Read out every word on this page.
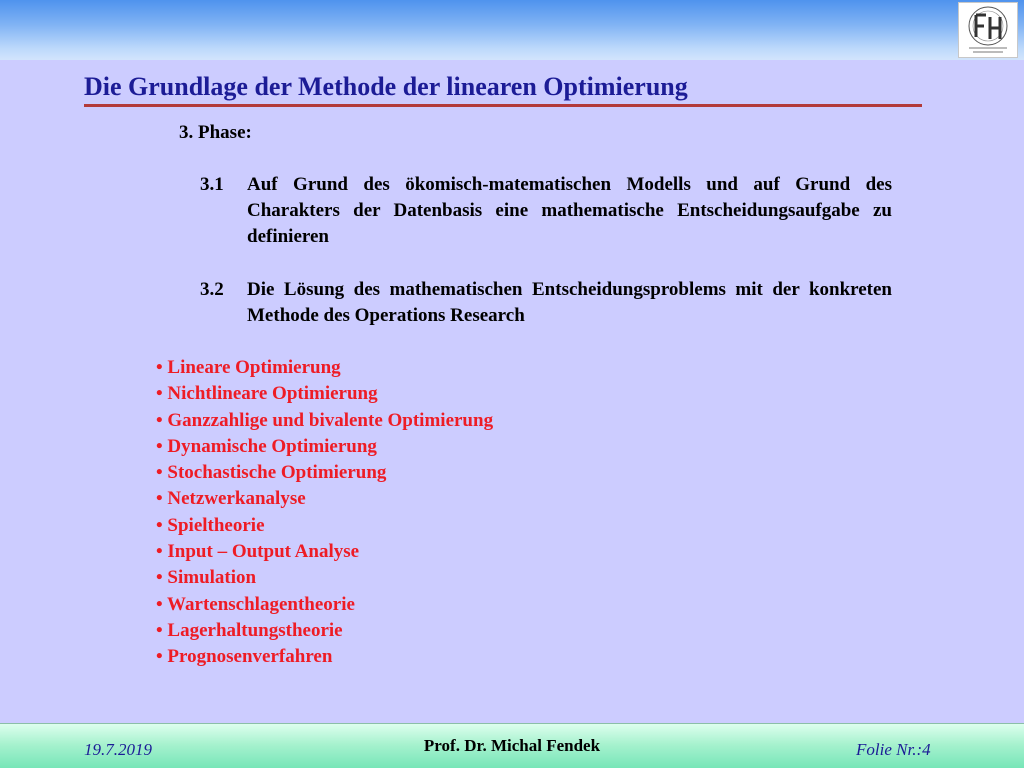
Die Grundlage der Methode der linearen Optimierung
3. Phase:
3.1 Auf Grund des ökomisch-matematischen Modells und auf Grund des Charakters der Datenbasis eine mathematische Entscheidungsaufgabe zu definieren
3.2 Die Lösung des mathematischen Entscheidungsproblems mit der konkreten Methode des Operations Research
• Lineare Optimierung
• Nichtlineare Optimierung
• Ganzzahlige und bivalente Optimierung
• Dynamische Optimierung
• Stochastische Optimierung
• Netzwerkanalyse
• Spieltheorie
• Input – Output Analyse
• Simulation
• Wartenschlagentheorie
• Lagerhaltungstheorie
• Prognosenverfahren
19.7.2019	Prof. Dr. Michal Fendek	Folie Nr.:4
